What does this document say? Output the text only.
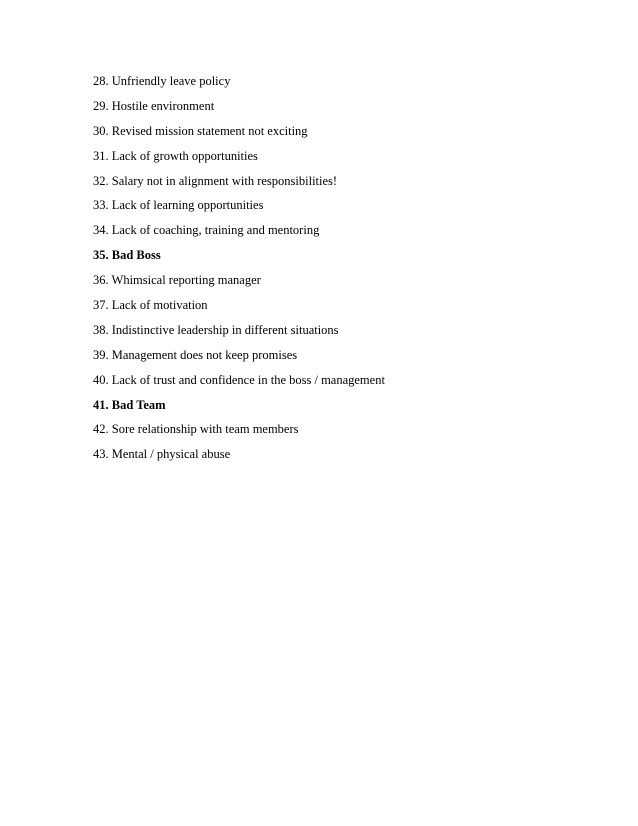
28. Unfriendly leave policy
29. Hostile environment
30. Revised mission statement not exciting
31. Lack of growth opportunities
32. Salary not in alignment with responsibilities!
33. Lack of learning opportunities
34. Lack of coaching, training and mentoring
35. Bad Boss
36. Whimsical reporting manager
37. Lack of motivation
38. Indistinctive leadership in different situations
39. Management does not keep promises
40. Lack of trust and confidence in the boss / management
41. Bad Team
42. Sore relationship with team members
43. Mental / physical abuse
